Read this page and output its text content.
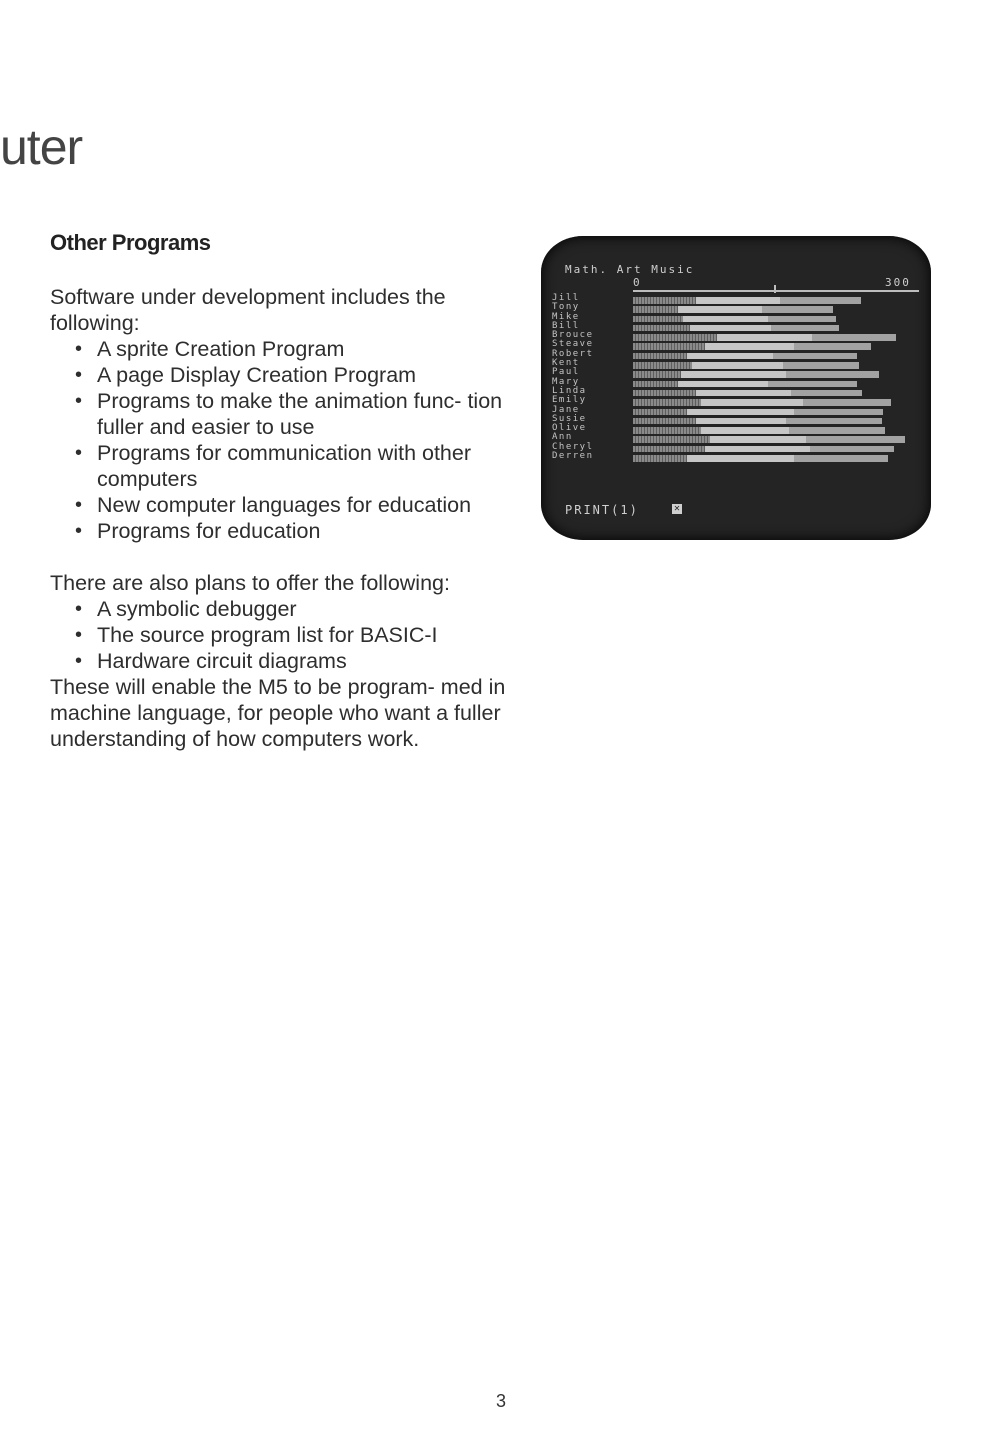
uter
Other Programs

Software under development includes the following:

• A sprite Creation Program
• A page Display Creation Program
• Programs to make the animation func- tion fuller and easier to use
• Programs for communication with other computers
• New computer languages for education
• Programs for education

There are also plans to offer the following:

• A symbolic debugger
• The source program list for BASIC-I
• Hardware circuit diagrams

These will enable the M5 to be program- med in machine language, for people who want a fuller understanding of how computers work.

Math. Art Music
0	300
Jill
Tony
Mike
Bill
Brouce
Steave
Robert
Kent
Paul
Mary
Linda
Emily
Jane
Susie
Olive
Ann
Cheryl
Derren
PRINT(1)	✕
3
